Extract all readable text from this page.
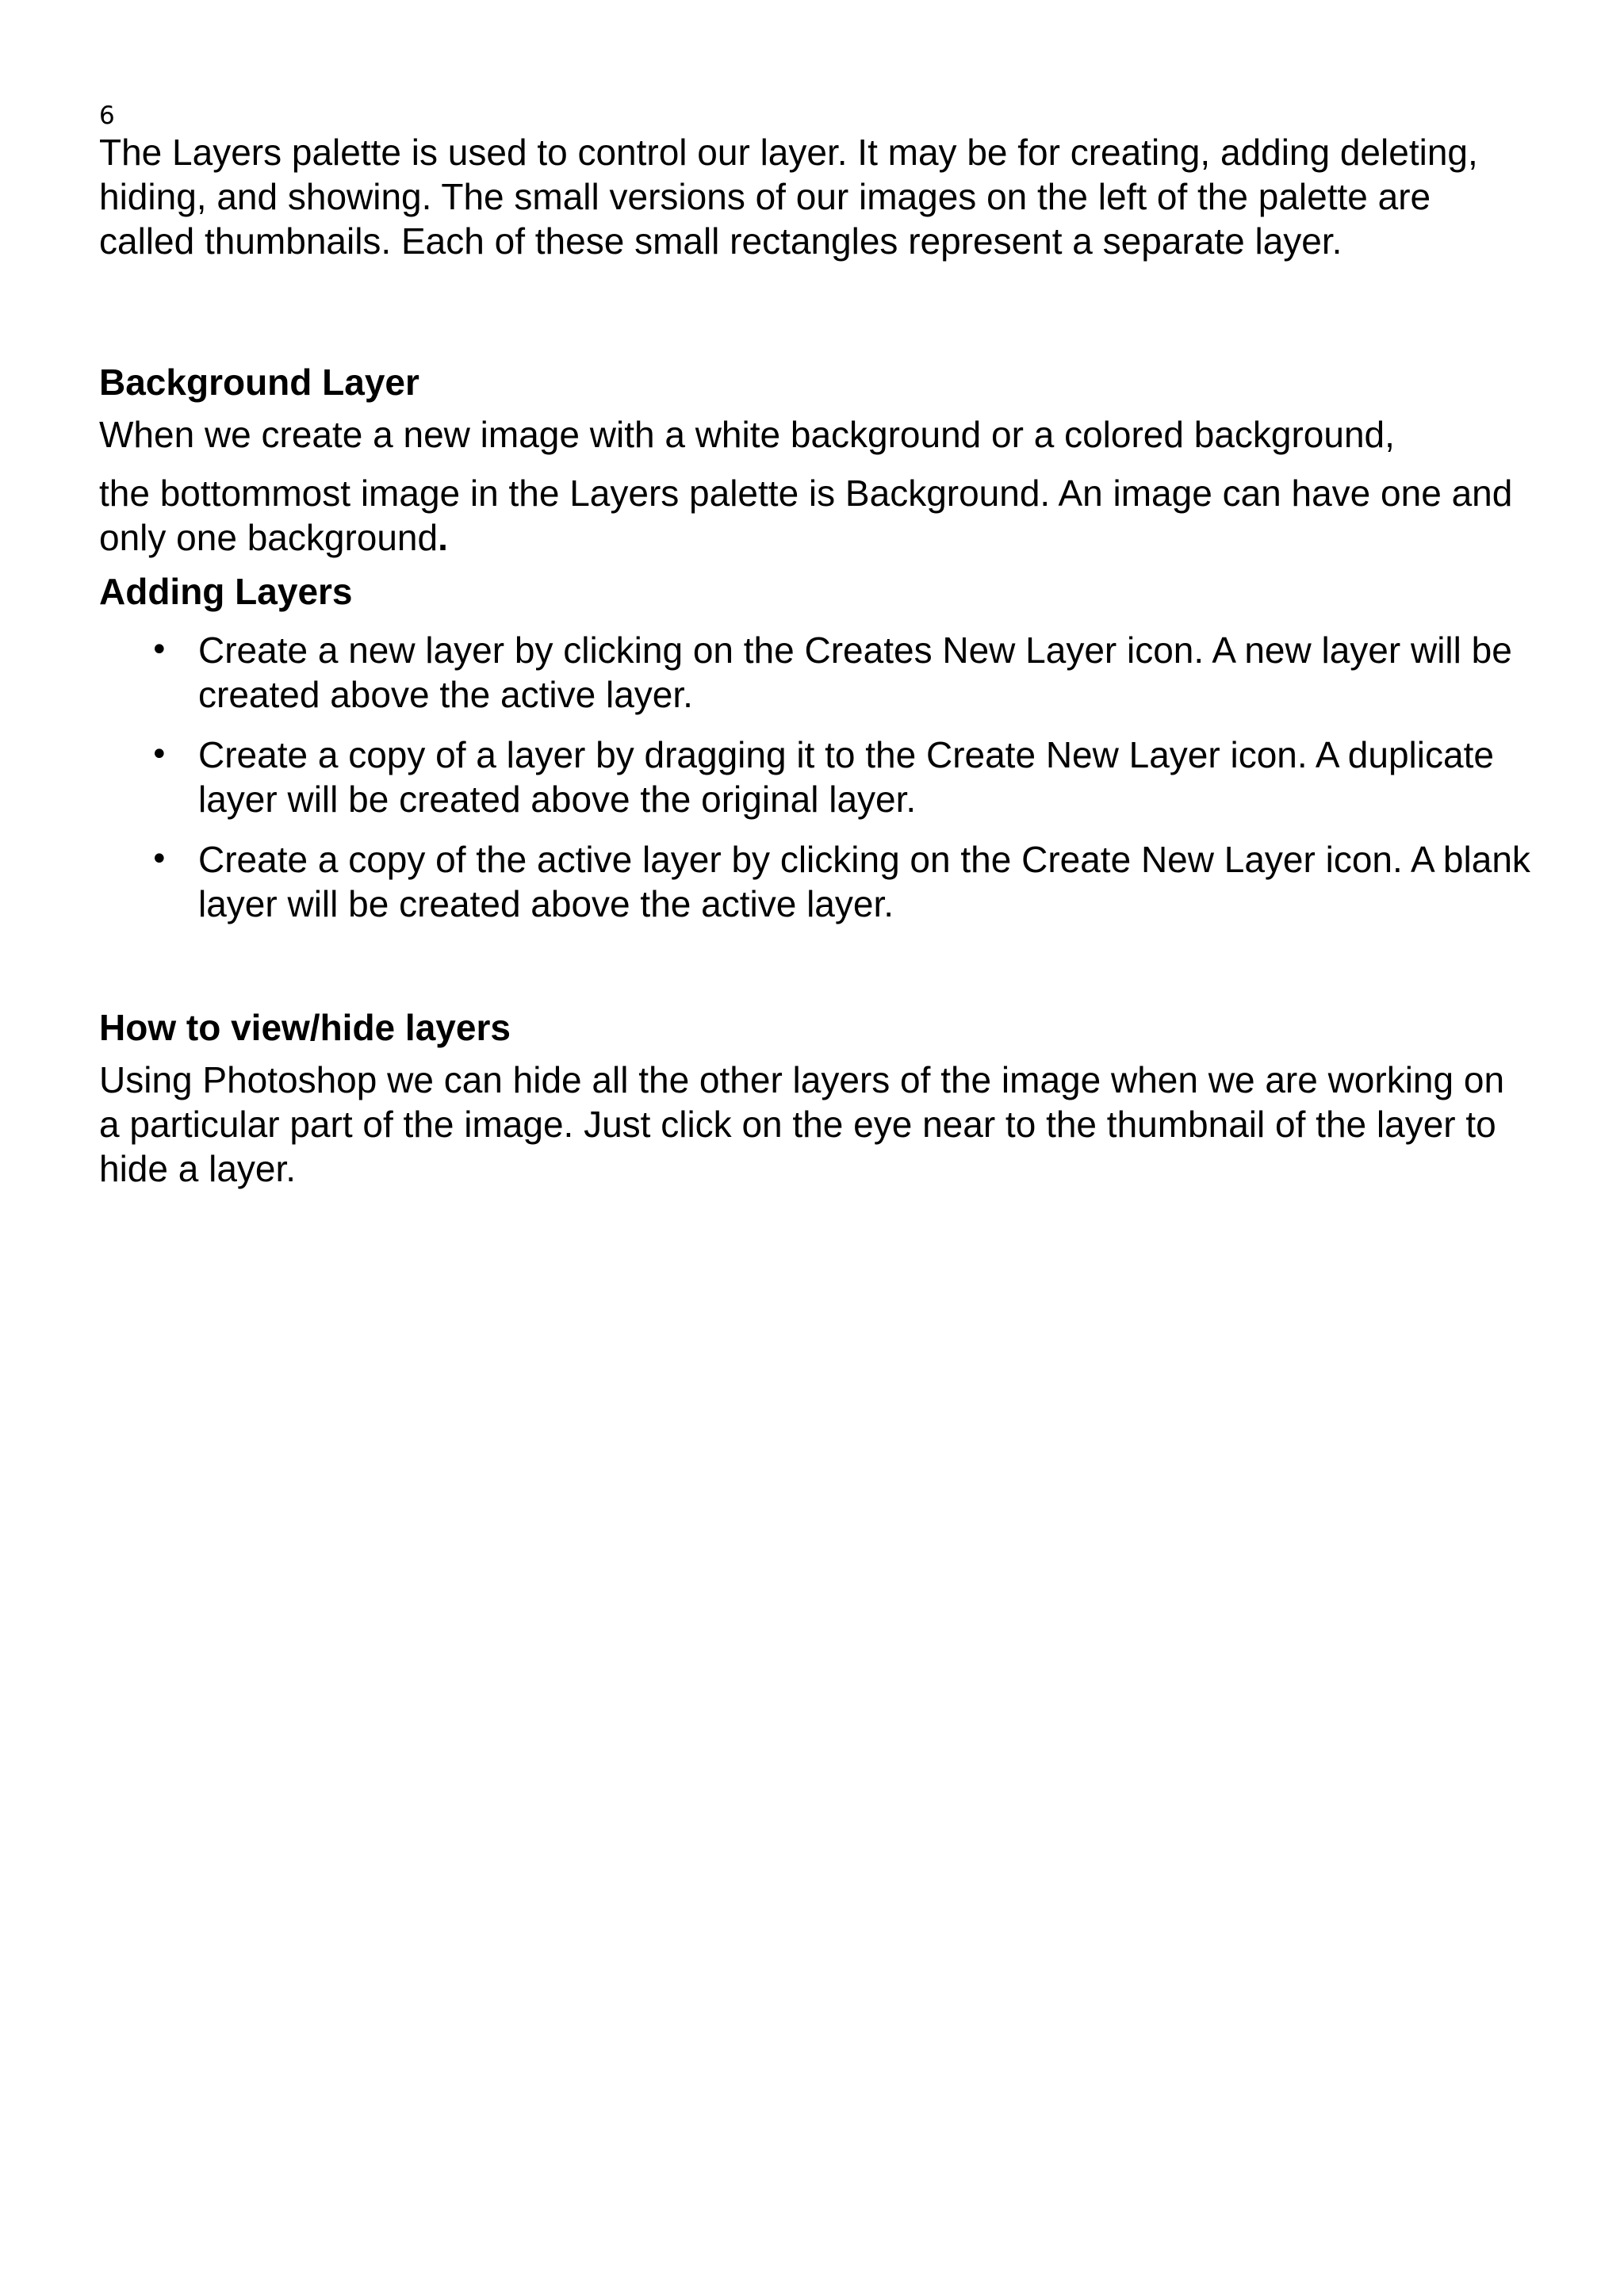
6

The Layers palette is used to control our layer. It may be for creating, adding deleting, hiding, and showing. The small versions of our images on the left of the palette are called thumbnails. Each of these small rectangles represent a separate layer.

Background Layer

When we create a new image with a white background or a colored background,

the bottommost image in the Layers palette is Background. An image can have one and only one background.

Adding Layers

• Create a new layer by clicking on the Creates New Layer icon. A new layer will be created above the active layer.
• Create a copy of a layer by dragging it to the Create New Layer icon. A duplicate layer will be created above the original layer.
• Create a copy of the active layer by clicking on the Create New Layer icon. A blank layer will be created above the active layer.

How to view/hide layers

Using Photoshop we can hide all the other layers of the image when we are working on a particular part of the image. Just click on the eye near to the thumbnail of the layer to hide a layer.
